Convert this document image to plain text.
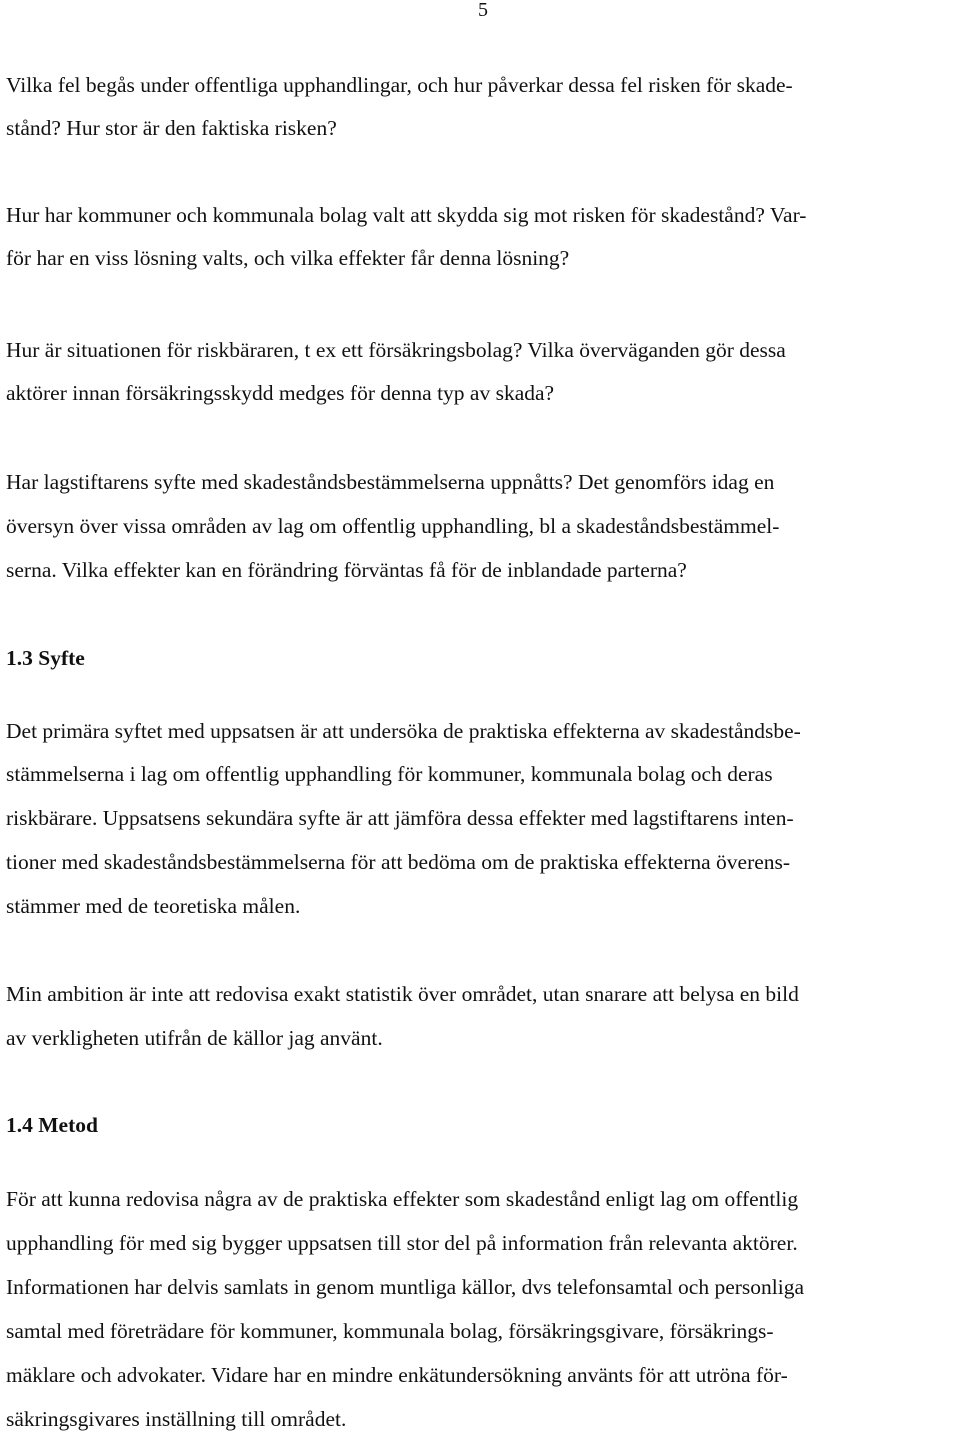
5
Vilka fel begås under offentliga upphandlingar, och hur påverkar dessa fel risken för skade-
stånd? Hur stor är den faktiska risken?
Hur har kommuner och kommunala bolag valt att skydda sig mot risken för skadestånd? Var-
för har en viss lösning valts, och vilka effekter får denna lösning?
Hur är situationen för riskbäraren, t ex ett försäkringsbolag? Vilka överväganden gör dessa
aktörer innan försäkringsskydd medges för denna typ av skada?
Har lagstiftarens syfte med skadeståndsbestämmelserna uppnåtts? Det genomförs idag en
översyn över vissa områden av lag om offentlig upphandling, bl a skadeståndsbestämmel-
serna. Vilka effekter kan en förändring förväntas få för de inblandade parterna?
1.3 Syfte
Det primära syftet med uppsatsen är att undersöka de praktiska effekterna av skadeståndsbe-
stämmelserna i lag om offentlig upphandling för kommuner, kommunala bolag och deras
riskbärare. Uppsatsens sekundära syfte är att jämföra dessa effekter med lagstiftarens inten-
tioner med skadeståndsbestämmelserna för att bedöma om de praktiska effekterna överens-
stämmer med de teoretiska målen.
Min ambition är inte att redovisa exakt statistik över området, utan snarare att belysa en bild
av verkligheten utifrån de källor jag använt.
1.4 Metod
För att kunna redovisa några av de praktiska effekter som skadestånd enligt lag om offentlig
upphandling för med sig bygger uppsatsen till stor del på information från relevanta aktörer.
Informationen har delvis samlats in genom muntliga källor, dvs telefonsamtal och personliga
samtal med företrädare för kommuner, kommunala bolag, försäkringsgivare, försäkrings-
mäklare och advokater. Vidare har en mindre enkätundersökning använts för att utröna för-
säkringsgivares inställning till området.
